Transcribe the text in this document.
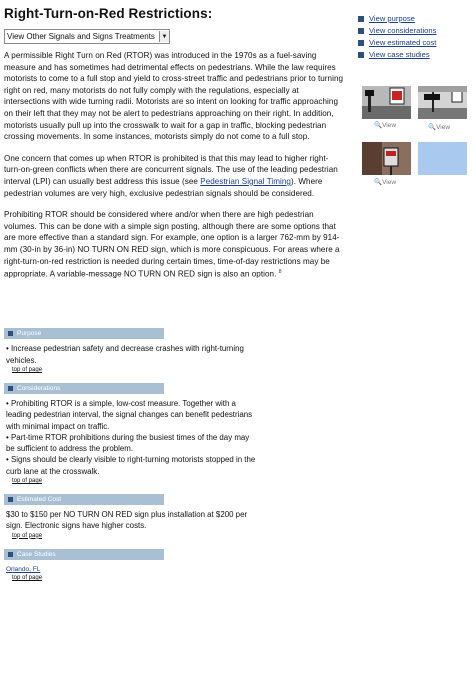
Right-Turn-on-Red Restrictions:
View Other Signals and Signs Treatments	▼

A permissible Right Turn on Red (RTOR) was introduced in the 1970s as a fuel-saving measure and has sometimes had detrimental effects on pedestrians. While the law requires motorists to come to a full stop and yield to cross-street traffic and pedestrians prior to turning right on red, many motorists do not fully comply with the regulations, especially at intersections with wide turning radii. Motorists are so intent on looking for traffic approaching on their left that they may not be alert to pedestrians approaching on their right. In addition, motorists usually pull up into the crosswalk to wait for a gap in traffic, blocking pedestrian crossing movements. In some instances, motorists simply do not come to a full stop.

One concern that comes up when RTOR is prohibited is that this may lead to higher right-turn-on-green conflicts when there are concurrent signals. The use of the leading pedestrian interval (LPI) can usually best address this issue (see Pedestrian Signal Timing). Where pedestrian volumes are very high, exclusive pedestrian signals should be considered.

Prohibiting RTOR should be considered where and/or when there are high pedestrian volumes. This can be done with a simple sign posting, although there are some options that are more effective than a standard sign. For example, one option is a larger 762-mm by 914-mm (30-in by 36-in) NO TURN ON RED sign, which is more conspicuous. For areas where a right-turn-on-red restriction is needed during certain times, time-of-day restrictions may be appropriate. A variable-message NO TURN ON RED sign is also an option. $^8$

Purpose
• Increase pedestrian safety and decrease crashes with right-turning vehicles.
top of page
Considerations
• Prohibiting RTOR is a simple, low-cost measure. Together with a leading pedestrian interval, the signal changes can benefit pedestrians with minimal impact on traffic.
• Part-time RTOR prohibitions during the busiest times of the day may be sufficient to address the problem.
• Signs should be clearly visible to right-turning motorists stopped in the curb lane at the crosswalk.
top of page
Estimated Cost
$30 to $150 per NO TURN ON RED sign plus installation at $200 per sign. Electronic signs have higher costs.
top of page
Case Studies
Orlando, FL
top of page
View purpose
View considerations
View estimated cost
View case studies
🔍View	🔍View
🔍View
